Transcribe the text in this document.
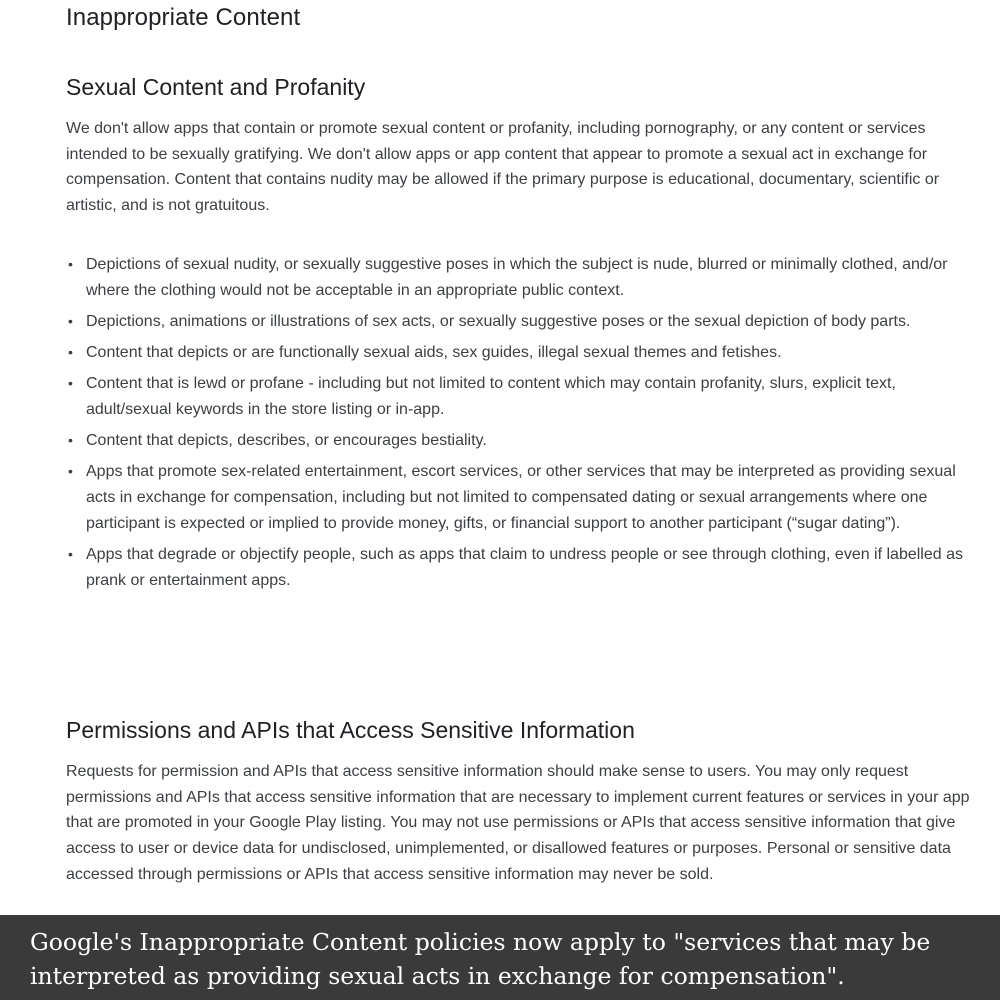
Inappropriate Content
Sexual Content and Profanity

We don't allow apps that contain or promote sexual content or profanity, including pornography, or any content or services intended to be sexually gratifying. We don't allow apps or app content that appear to promote a sexual act in exchange for compensation. Content that contains nudity may be allowed if the primary purpose is educational, documentary, scientific or artistic, and is not gratuitous.

• Depictions of sexual nudity, or sexually suggestive poses in which the subject is nude, blurred or minimally clothed, and/or where the clothing would not be acceptable in an appropriate public context.
• Depictions, animations or illustrations of sex acts, or sexually suggestive poses or the sexual depiction of body parts.
• Content that depicts or are functionally sexual aids, sex guides, illegal sexual themes and fetishes.
• Content that is lewd or profane - including but not limited to content which may contain profanity, slurs, explicit text, adult/sexual keywords in the store listing or in-app.
• Content that depicts, describes, or encourages bestiality.
• Apps that promote sex-related entertainment, escort services, or other services that may be interpreted as providing sexual acts in exchange for compensation, including but not limited to compensated dating or sexual arrangements where one participant is expected or implied to provide money, gifts, or financial support to another participant (“sugar dating”).
• Apps that degrade or objectify people, such as apps that claim to undress people or see through clothing, even if labelled as prank or entertainment apps.
Permissions and APIs that Access Sensitive Information

Requests for permission and APIs that access sensitive information should make sense to users. You may only request permissions and APIs that access sensitive information that are necessary to implement current features or services in your app that are promoted in your Google Play listing. You may not use permissions or APIs that access sensitive information that give access to user or device data for undisclosed, unimplemented, or disallowed features or purposes. Personal or sensitive data accessed through permissions or APIs that access sensitive information may never be sold.

Google's Inappropriate Content policies now apply to "services that may be interpreted as providing sexual acts in exchange for compensation".
